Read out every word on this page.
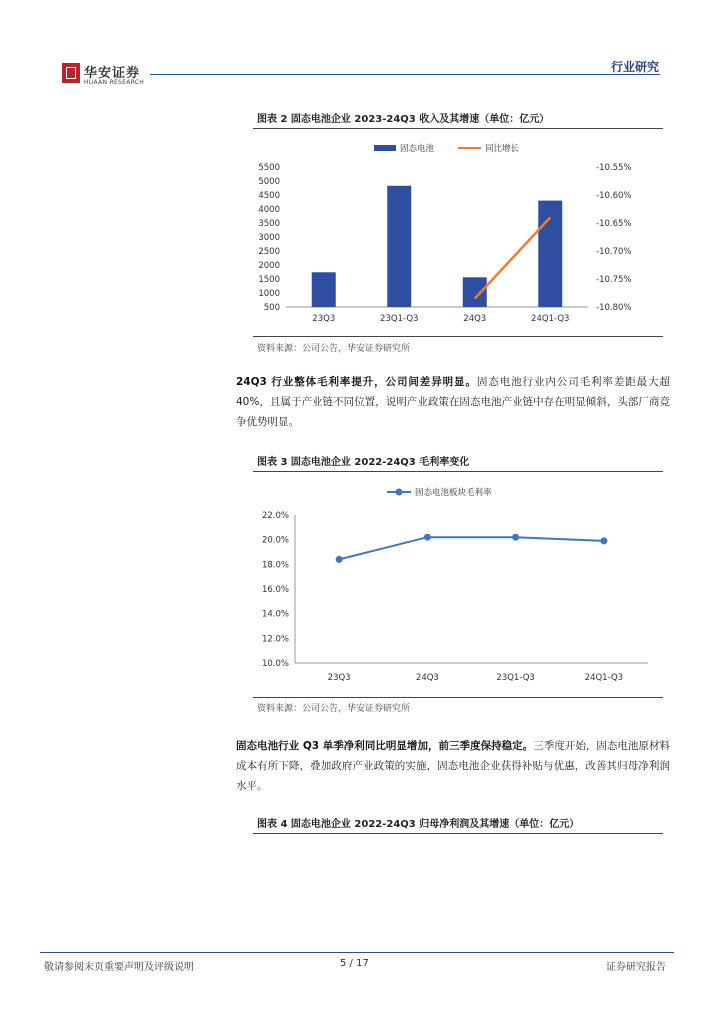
华安证券
HUAAN RESEARCH
行业研究
图表 2 固态电池企业 2023-24Q3 收入及其增速（单位：亿元）
固态电池	同比增长
500
1000
1500
2000
2500
3000
3500
4000
4500
5000
5500	-10.55%
-10.60%
-10.65%
-10.70%
-10.75%
-10.80%
23Q3	23Q1-Q3	24Q3	24Q1-Q3
资料来源：公司公告，华安证券研究所
24Q3 行业整体毛利率提升，公司间差异明显。固态电池行业内公司毛利率差距最大超 40%，且属于产业链不同位置，说明产业政策在固态电池产业链中存在明显倾斜，头部厂商竞争优势明显。
图表 3 固态电池企业 2022-24Q3 毛利率变化
固态电池板块毛利率
22.0%
20.0%
18.0%
16.0%
14.0%
12.0%
10.0%
23Q3	24Q3	23Q1-Q3	24Q1-Q3
资料来源：公司公告，华安证券研究所
固态电池行业 Q3 单季净利同比明显增加，前三季度保持稳定。三季度开始，固态电池原材料成本有所下降，叠加政府产业政策的实施，固态电池企业获得补贴与优惠，改善其归母净利润水平。
图表 4 固态电池企业 2022-24Q3 归母净利润及其增速（单位：亿元）
敬请参阅末页重要声明及评级说明	5 / 17	证券研究报告
